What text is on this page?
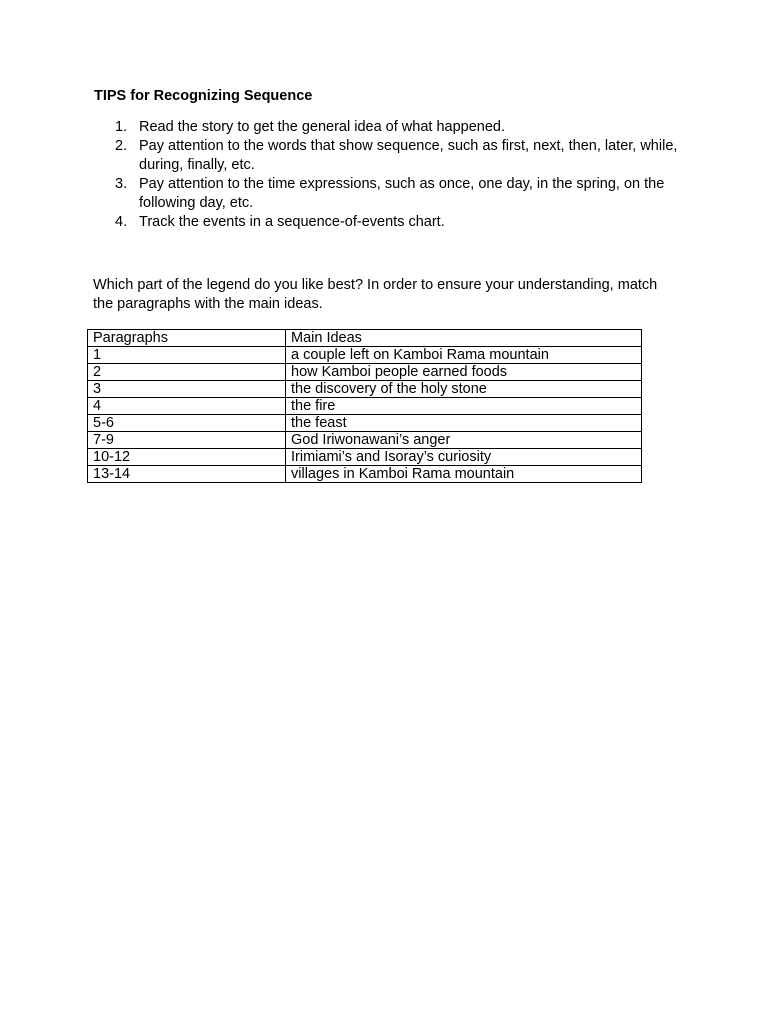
TIPS for Recognizing Sequence
1. Read the story to get the general idea of what happened.
2. Pay attention to the words that show sequence, such as first, next, then, later, while, during, finally, etc.
3. Pay attention to the time expressions, such as once, one day, in the spring, on the following day, etc.
4. Track the events in a sequence-of-events chart.
Which part of the legend do you like best? In order to ensure your understanding, match the paragraphs with the main ideas.
Paragraphs	Main Ideas
1	a couple left on Kamboi Rama mountain
2	how Kamboi people earned foods
3	the discovery of the holy stone
4	the fire
5-6	the feast
7-9	God Iriwonawani’s anger
10-12	Irimiami’s and Isoray’s curiosity
13-14	villages in Kamboi Rama mountain
